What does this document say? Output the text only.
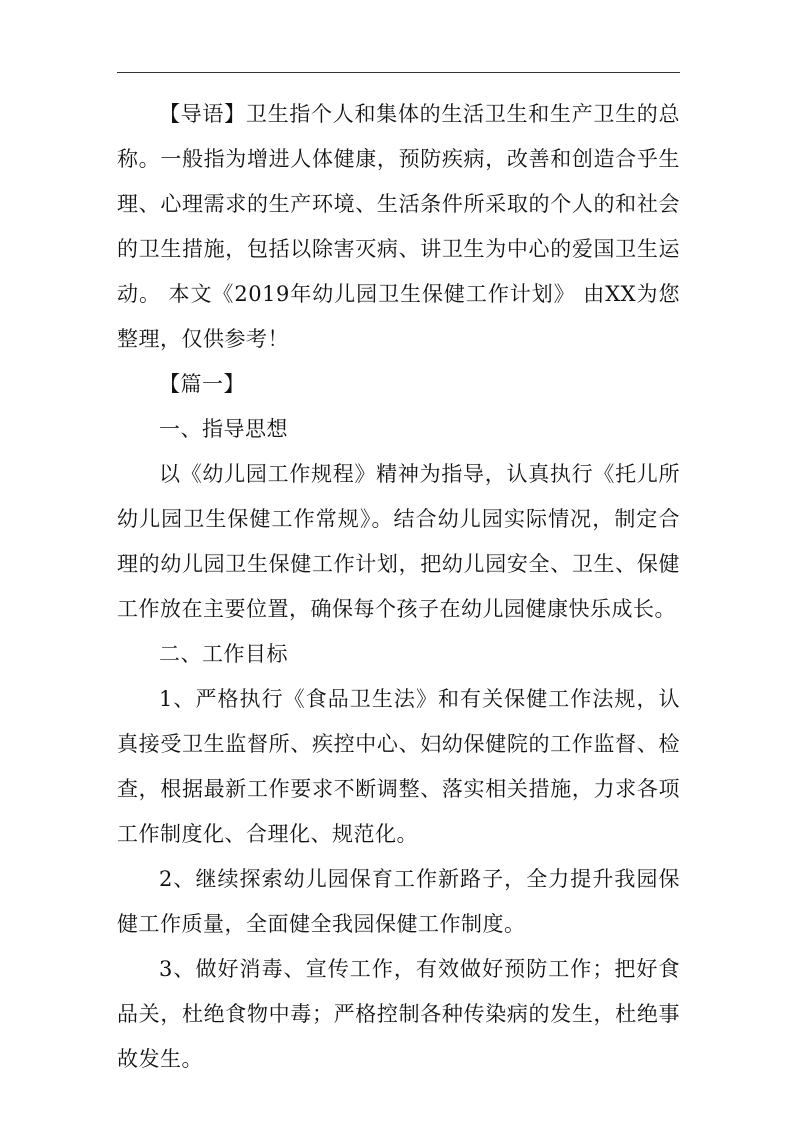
【导语】卫生指个人和集体的生活卫生和生产卫生的总称。一般指为增进人体健康，预防疾病，改善和创造合乎生理、心理需求的生产环境、生活条件所采取的个人的和社会的卫生措施，包括以除害灭病、讲卫生为中心的爱国卫生运动。 本文《2019年幼儿园卫生保健工作计划》 由XX为您整理，仅供参考！

【篇一】

一、指导思想

以《幼儿园工作规程》精神为指导，认真执行《托儿所幼儿园卫生保健工作常规》。结合幼儿园实际情况，制定合理的幼儿园卫生保健工作计划，把幼儿园安全、卫生、保健工作放在主要位置，确保每个孩子在幼儿园健康快乐成长。

二、工作目标

1、严格执行《食品卫生法》和有关保健工作法规，认真接受卫生监督所、疾控中心、妇幼保健院的工作监督、检查，根据最新工作要求不断调整、落实相关措施，力求各项工作制度化、合理化、规范化。

2、继续探索幼儿园保育工作新路子，全力提升我园保健工作质量，全面健全我园保健工作制度。

3、做好消毒、宣传工作，有效做好预防工作；把好食品关，杜绝食物中毒；严格控制各种传染病的发生，杜绝事故发生。
